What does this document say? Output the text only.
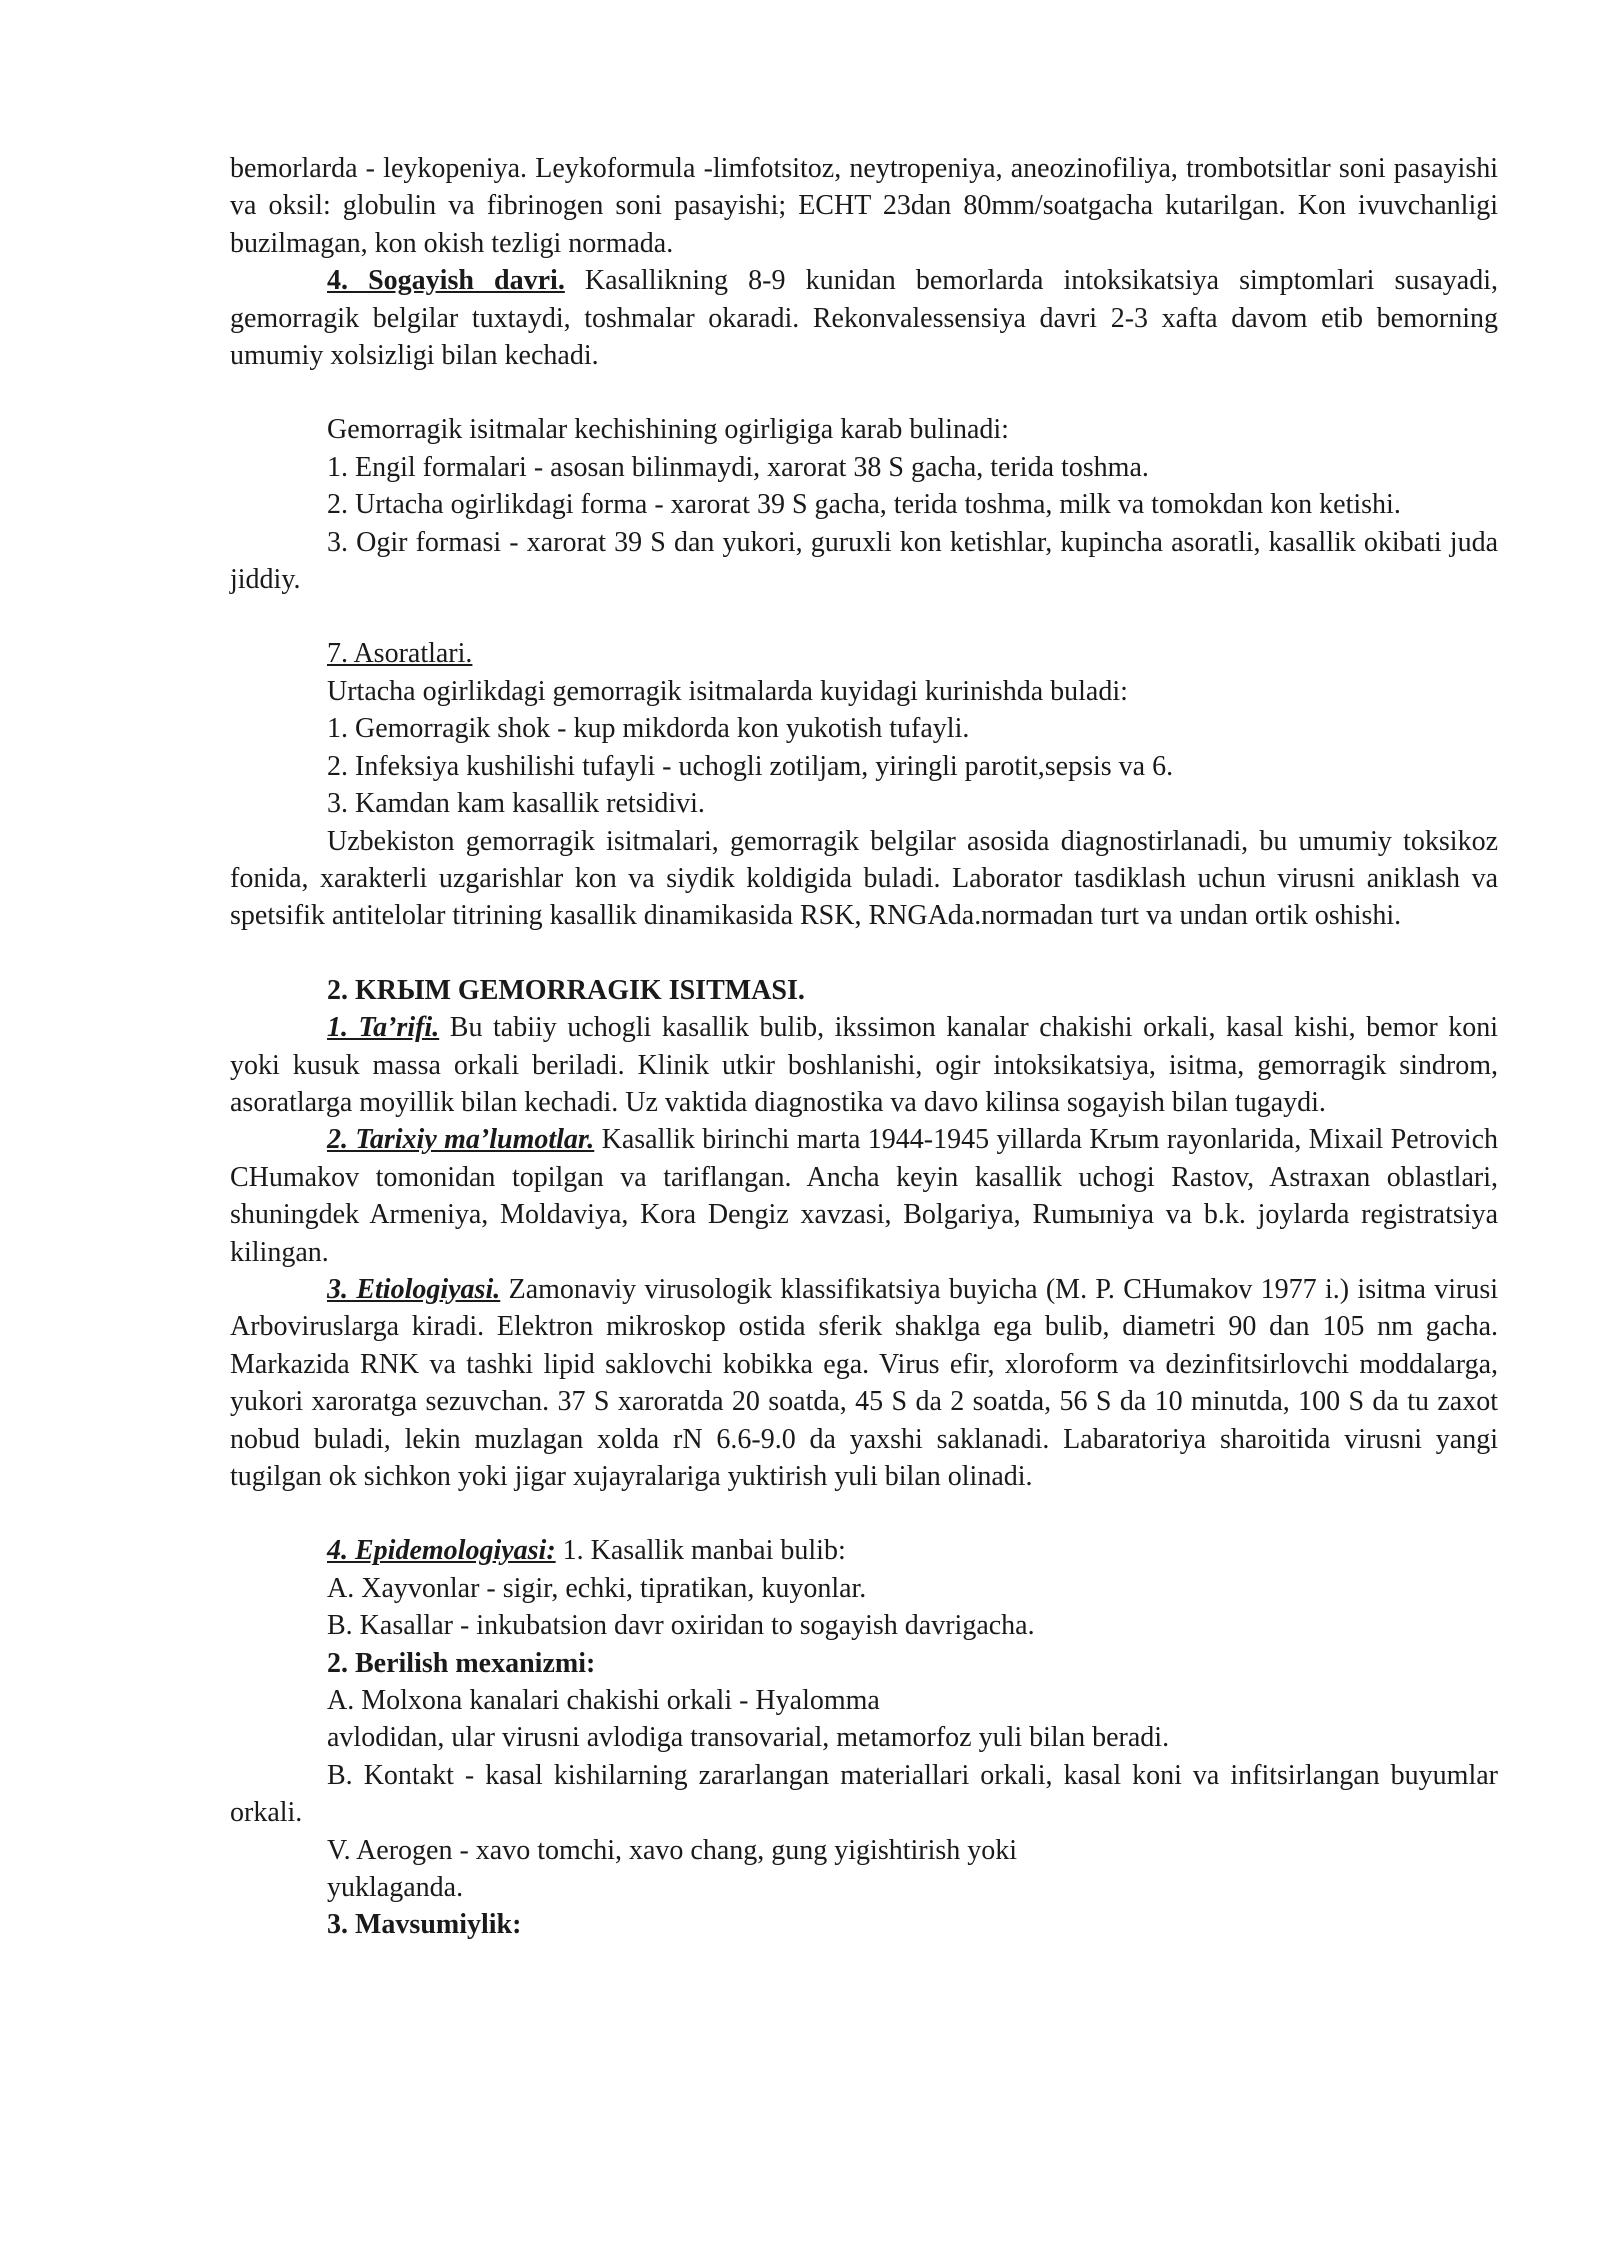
bemorlarda - leykopeniya. Leykoformula -limfotsitoz, neytropeniya, aneozinofiliya, trombotsitlar soni pasayishi va oksil: globulin va fibrinogen soni pasayishi; ECHT 23dan 80mm/soatgacha kutarilgan. Kon ivuvchanligi buzilmagan, kon okish tezligi normada.

4. Sogayish davri. Kasallikning 8-9 kunidan bemorlarda intoksikatsiya simptomlari susayadi, gemorragik belgilar tuxtaydi, toshmalar okaradi. Rekonvalessensiya davri 2-3 xafta davom etib bemorning umumiy xolsizligi bilan kechadi.

Gemorragik isitmalar kechishining ogirligiga karab bulinadi:

1. Engil formalari - asosan bilinmaydi, xarorat 38 S gacha, terida toshma.

2. Urtacha ogirlikdagi forma - xarorat 39 S gacha, terida toshma, milk va tomokdan kon ketishi.

3. Ogir formasi - xarorat 39 S dan yukori, guruxli kon ketishlar, kupincha asoratli, kasallik okibati juda jiddiy.

7. Asoratlari.

Urtacha ogirlikdagi gemorragik isitmalarda kuyidagi kurinishda buladi:

1. Gemorragik shok - kup mikdorda kon yukotish tufayli.

2. Infeksiya kushilishi tufayli - uchogli zotiljam, yiringli parotit,sepsis va 6.

3. Kamdan kam kasallik retsidivi.

Uzbekiston gemorragik isitmalari, gemorragik belgilar asosida diagnostirlanadi, bu umumiy toksikoz fonida, xarakterli uzgarishlar kon va siydik koldigida buladi. Laborator tasdiklash uchun virusni aniklash va spetsifik antitelolar titrining kasallik dinamikasida RSK, RNGAda.normadan turt va undan ortik oshishi.

2. KRЫM GEMORRAGIK ISITMASI.

1. Ta’rifi. Bu tabiiy uchogli kasallik bulib, ikssimon kanalar chakishi orkali, kasal kishi, bemor koni yoki kusuk massa orkali beriladi. Klinik utkir boshlanishi, ogir intoksikatsiya, isitma, gemorragik sindrom, asoratlarga moyillik bilan kechadi. Uz vaktida diagnostika va davo kilinsa sogayish bilan tugaydi.

2. Tarixiy ma’lumotlar. Kasallik birinchi marta 1944-1945 yillarda Krыm rayonlarida, Mixail Petrovich CHumakov tomonidan topilgan va tariflangan. Ancha keyin kasallik uchogi Rastov, Astraxan oblastlari, shuningdek Armeniya, Moldaviya, Kora Dengiz xavzasi, Bolgariya, Rumыniya va b.k. joylarda registratsiya kilingan.

3. Etiologiyasi. Zamonaviy virusologik klassifikatsiya buyicha (M. P. CHumakov 1977 i.) isitma virusi Arboviruslarga kiradi. Elektron mikroskop ostida sferik shaklga ega bulib, diametri 90 dan 105 nm gacha. Markazida RNK va tashki lipid saklovchi kobikka ega. Virus efir, xloroform va dezinfitsirlovchi moddalarga, yukori xaroratga sezuvchan. 37 S xaroratda 20 soatda, 45 S da 2 soatda, 56 S da 10 minutda, 100 S da tu zaxot nobud buladi, lekin muzlagan xolda rN 6.6-9.0 da yaxshi saklanadi. Labaratoriya sharoitida virusni yangi tugilgan ok sichkon yoki jigar xujayralariga yuktirish yuli bilan olinadi.

4. Epidemologiyasi: 1. Kasallik manbai bulib:

A. Xayvonlar - sigir, echki, tipratikan, kuyonlar.

B. Kasallar - inkubatsion davr oxiridan to sogayish davrigacha.

2. Berilish mexanizmi:

A. Molxona kanalari chakishi orkali - Hyalomma

avlodidan, ular virusni avlodiga transovarial, metamorfoz yuli bilan beradi.

B. Kontakt - kasal kishilarning zararlangan materiallari orkali, kasal koni va infitsirlangan buyumlar orkali.

V. Aerogen - xavo tomchi, xavo chang, gung yigishtirish yoki

yuklaganda.

3. Mavsumiylik:
